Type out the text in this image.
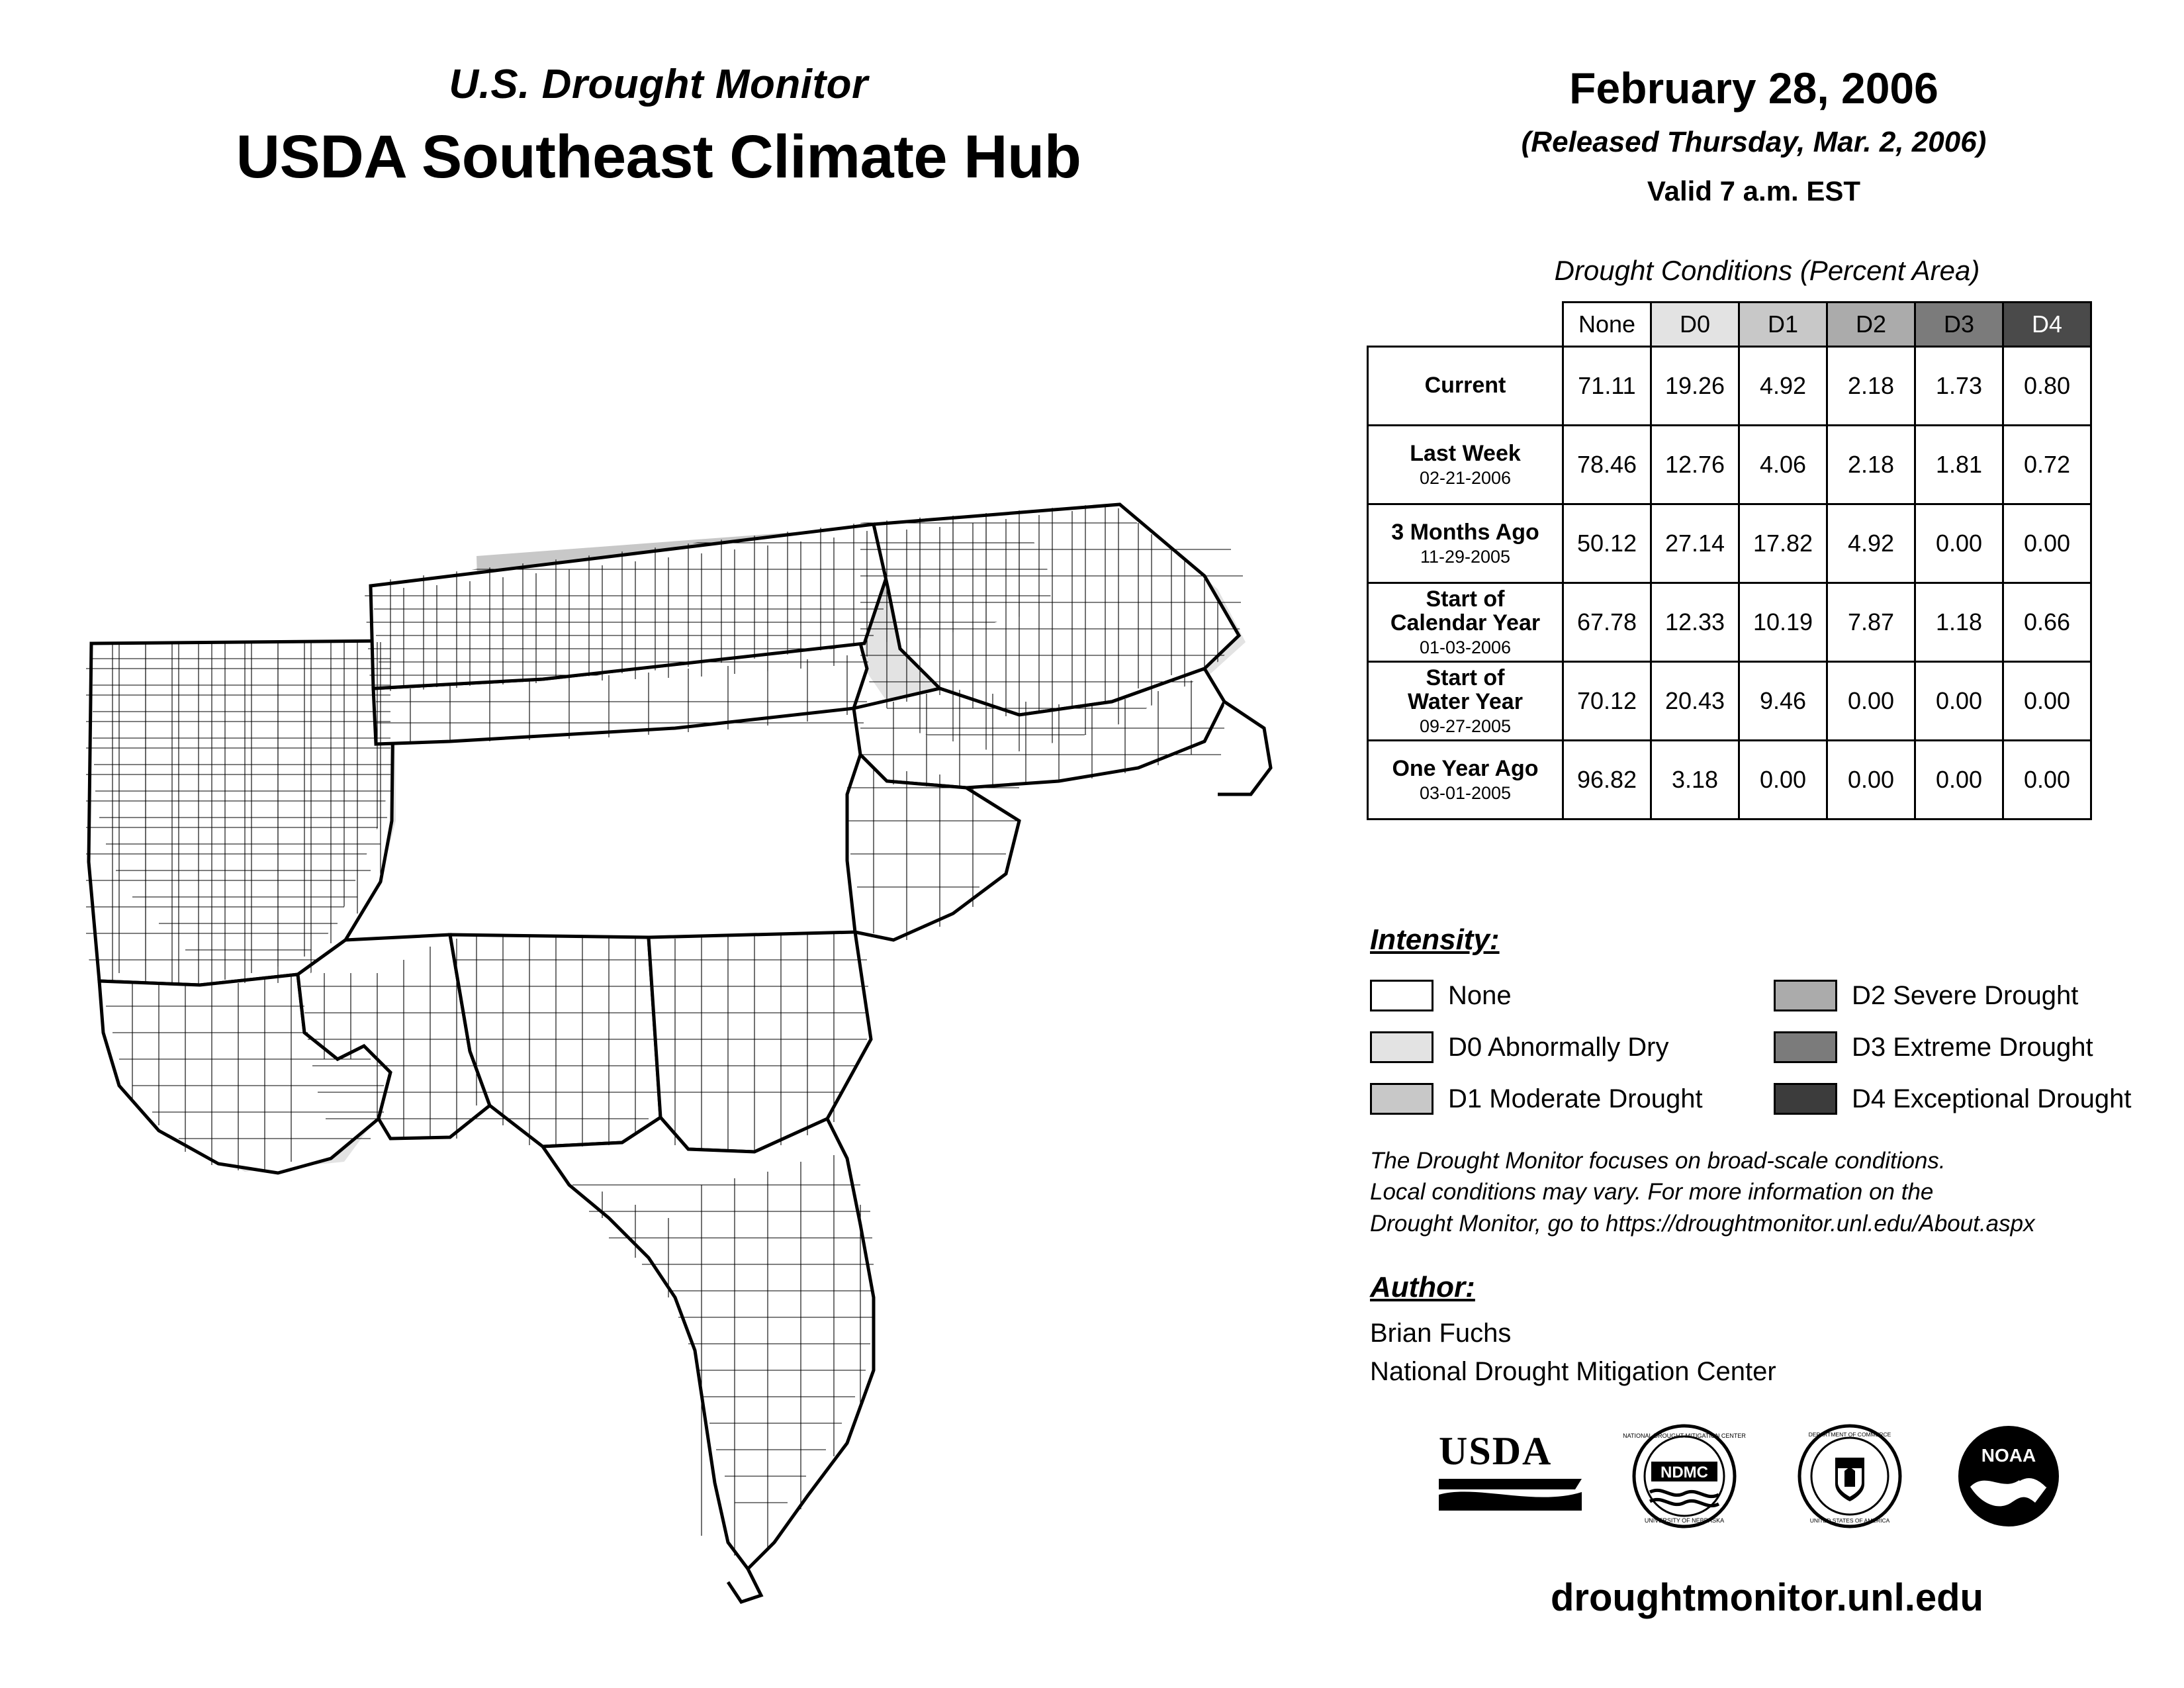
U.S. Drought Monitor
USDA Southeast Climate Hub
February 28, 2006
(Released Thursday, Mar. 2, 2006)
Valid 7 a.m. EST
Drought Conditions (Percent Area)
	None	D0	D1	D2	D3	D4
Current	71.11	19.26	4.92	2.18	1.73	0.80
Last Week
02-21-2006	78.46	12.76	4.06	2.18	1.81	0.72
3 Months Ago
11-29-2005	50.12	27.14	17.82	4.92	0.00	0.00
Start of
Calendar Year
01-03-2006	67.78	12.33	10.19	7.87	1.18	0.66
Start of
Water Year
09-27-2005	70.12	20.43	9.46	0.00	0.00	0.00
One Year Ago
03-01-2005	96.82	3.18	0.00	0.00	0.00	0.00
Intensity:
None
D0 Abnormally Dry
D1 Moderate Drought
D2 Severe Drought
D3 Extreme Drought
D4 Exceptional Drought
The Drought Monitor focuses on broad-scale conditions.
Local conditions may vary. For more information on the
Drought Monitor, go to https://droughtmonitor.unl.edu/About.aspx
Author:
Brian Fuchs
National Drought Mitigation Center
USDA	NDMC
NATIONAL DROUGHT MITIGATION CENTER
UNIVERSITY OF NEBRASKA
DEPARTMENT OF COMMERCE
UNITED STATES OF AMERICA
NOAA
droughtmonitor.unl.edu
